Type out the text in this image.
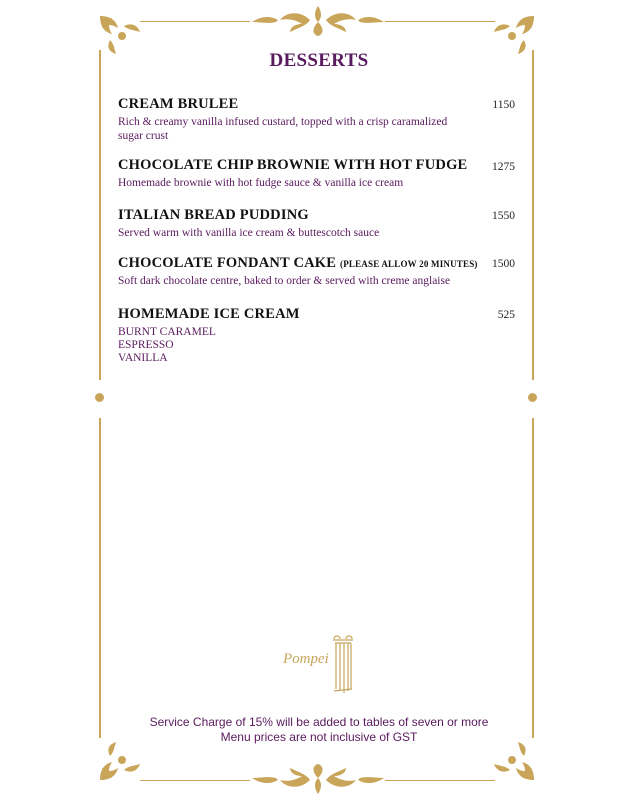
DESSERTS
CREAM BRULEE
Rich & creamy vanilla infused custard, topped with a crisp caramalized sugar crust
1150
CHOCOLATE CHIP BROWNIE WITH HOT FUDGE
Homemade brownie with hot fudge sauce & vanilla ice cream
1275
ITALIAN BREAD PUDDING
Served warm with vanilla ice cream & buttescotch sauce
1550
CHOCOLATE FONDANT CAKE (PLEASE ALLOW 20 MINUTES)
Soft dark chocolate centre, baked to order & served with creme anglaise
1500
HOMEMADE ICE CREAM
BURNT CARAMEL
ESPRESSO
VANILLA
525
Pompei
Service Charge of 15% will be added to tables of seven or more
Menu prices are not inclusive of GST
